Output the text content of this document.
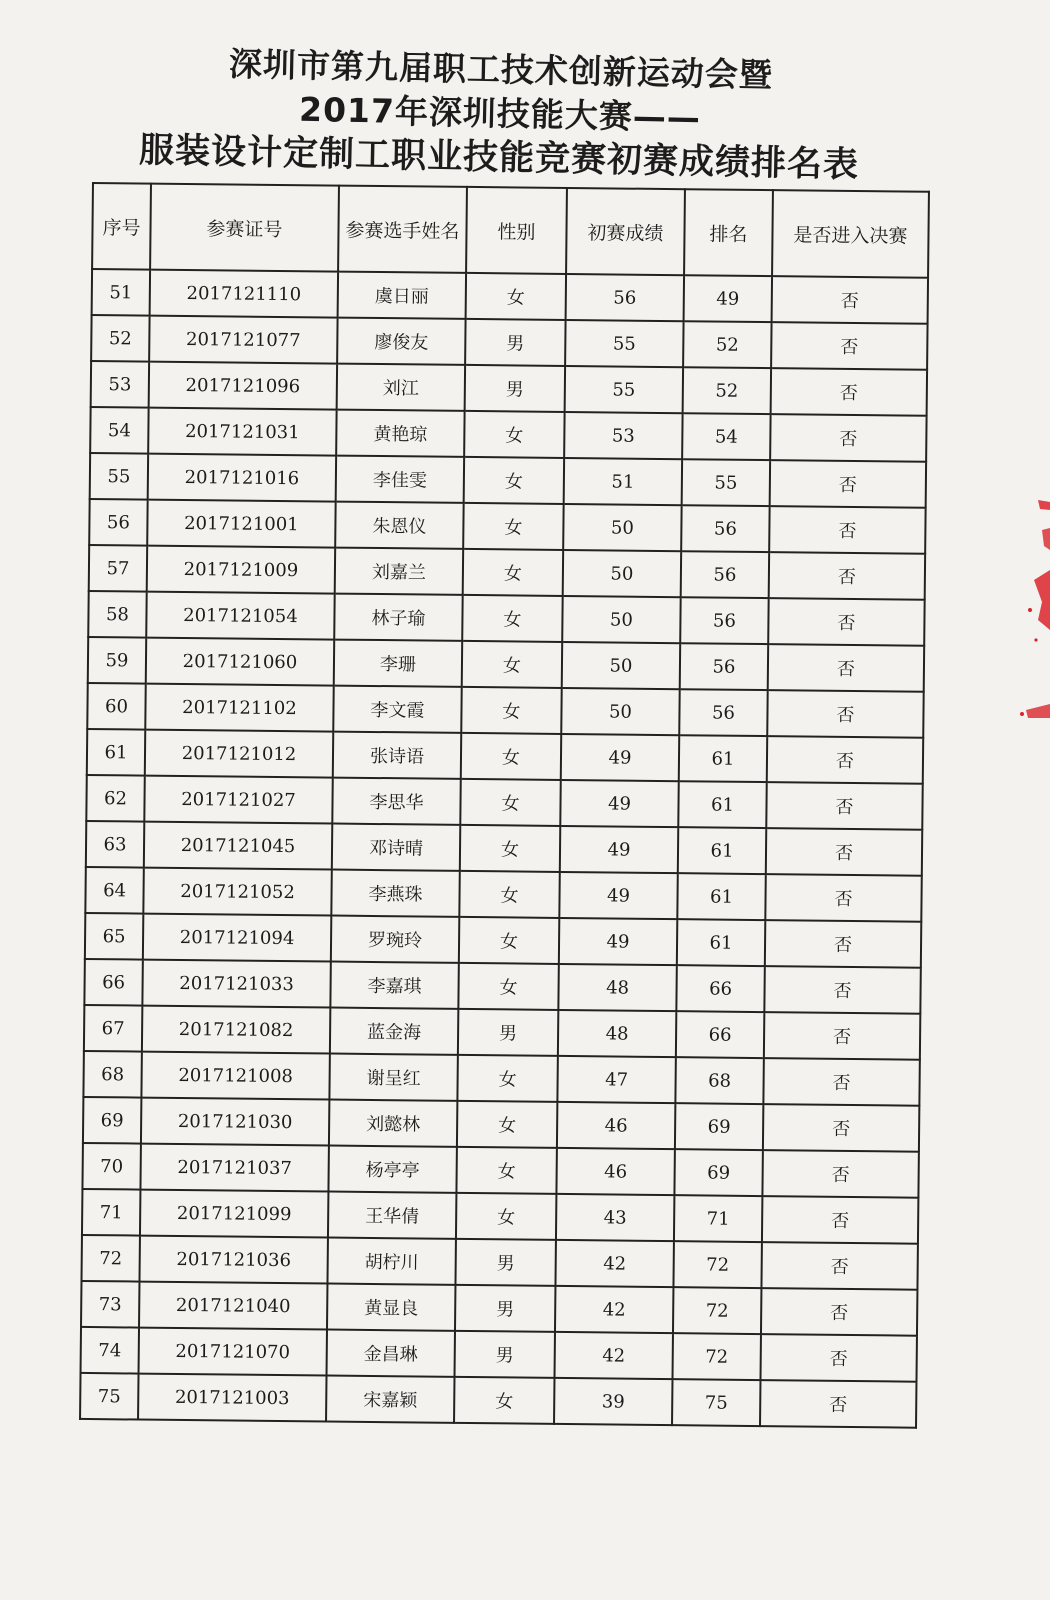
深圳市第九届职工技术创新运动会暨
2017年深圳技能大赛——
服装设计定制工职业技能竞赛初赛成绩排名表
序号	参赛证号	参赛选手姓名	性别	初赛成绩	排名	是否进入决赛
51	2017121110	虞日丽	女	56	49	否
52	2017121077	廖俊友	男	55	52	否
53	2017121096	刘江	男	55	52	否
54	2017121031	黄艳琼	女	53	54	否
55	2017121016	李佳雯	女	51	55	否
56	2017121001	朱恩仪	女	50	56	否
57	2017121009	刘嘉兰	女	50	56	否
58	2017121054	林子瑜	女	50	56	否
59	2017121060	李珊	女	50	56	否
60	2017121102	李文霞	女	50	56	否
61	2017121012	张诗语	女	49	61	否
62	2017121027	李思华	女	49	61	否
63	2017121045	邓诗晴	女	49	61	否
64	2017121052	李燕珠	女	49	61	否
65	2017121094	罗琬玲	女	49	61	否
66	2017121033	李嘉琪	女	48	66	否
67	2017121082	蓝金海	男	48	66	否
68	2017121008	谢呈红	女	47	68	否
69	2017121030	刘懿林	女	46	69	否
70	2017121037	杨亭亭	女	46	69	否
71	2017121099	王华倩	女	43	71	否
72	2017121036	胡柠川	男	42	72	否
73	2017121040	黄显良	男	42	72	否
74	2017121070	金昌琳	男	42	72	否
75	2017121003	宋嘉颖	女	39	75	否
